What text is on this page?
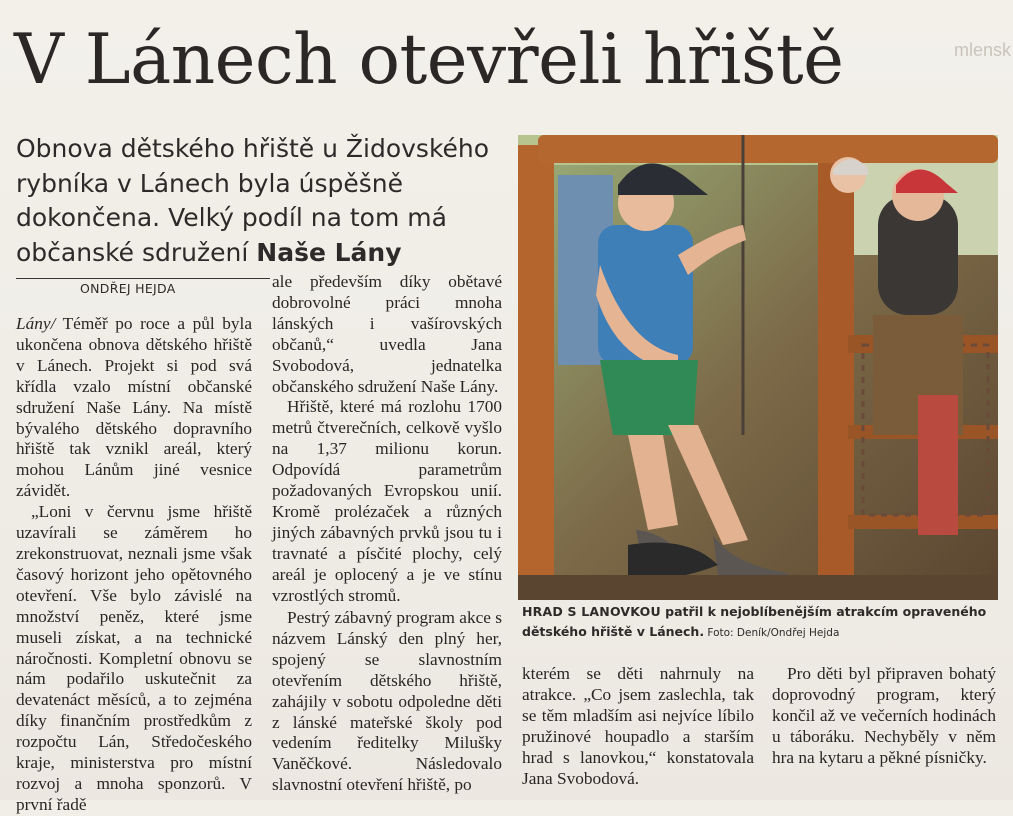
V Lánech otevřeli hřiště	mlensk
Obnova dětského hřiště u Židovského rybníka v Lánech byla úspěšně dokončena. Velký podíl na tom má občanské sdružení Naše Lány
ONDŘEJ HEJDA

Lány/ Téměř po roce a půl byla ukončena obnova dětského hřiště v Lánech. Projekt si pod svá křídla vzalo místní občanské sdružení Naše Lány. Na místě bývalého dětského dopravního hřiště tak vznikl areál, který mohou Lánům jiné vesnice závidět.

„Loni v červnu jsme hřiště uzavírali se záměrem ho zrekonstruovat, neznali jsme však časový horizont jeho opětovného otevření. Vše bylo závislé na množství peněz, které jsme museli získat, a na technické náročnosti. Kompletní obnovu se nám podařilo uskutečnit za devatenáct měsíců, a to zejména díky finančním prostředkům z rozpočtu Lán, Středočeského kraje, ministerstva pro místní rozvoj a mnoha sponzorů. V první řadě

ale především díky obětavé dobrovolné práci mnoha lánských i vašírovských občanů,“ uvedla Jana Svobodová, jednatelka občanského sdružení Naše Lány.

Hřiště, které má rozlohu 1700 metrů čtverečních, celkově vyšlo na 1,37 milionu korun. Odpovídá parametrům požadovaných Evropskou unií. Kromě prolézaček a různých jiných zábavných prvků jsou tu i travnaté a písčité plochy, celý areál je oplocený a je ve stínu vzrostlých stromů.

Pestrý zábavný program akce s názvem Lánský den plný her, spojený se slavnostním otevřením dětského hřiště, zahájily v sobotu odpoledne děti z lánské mateřské školy pod vedením ředitelky Milušky Vaněčkové. Následovalo slavnostní otevření hřiště, po

HRAD S LANOVKOU patřil k nejoblíbenějším atrakcím opraveného dětského hřiště v Lánech. Foto: Deník/Ondřej Hejda

kterém se děti nahrnuly na atrakce. „Co jsem zaslechla, tak se těm mladším asi nejvíce líbilo pružinové houpadlo a starším hrad s lanovkou,“ konstatovala Jana Svobodová.

Pro děti byl připraven bohatý doprovodný program, který končil až ve večerních hodinách u táboráku. Nechyběly v něm hra na kytaru a pěkné písničky.
